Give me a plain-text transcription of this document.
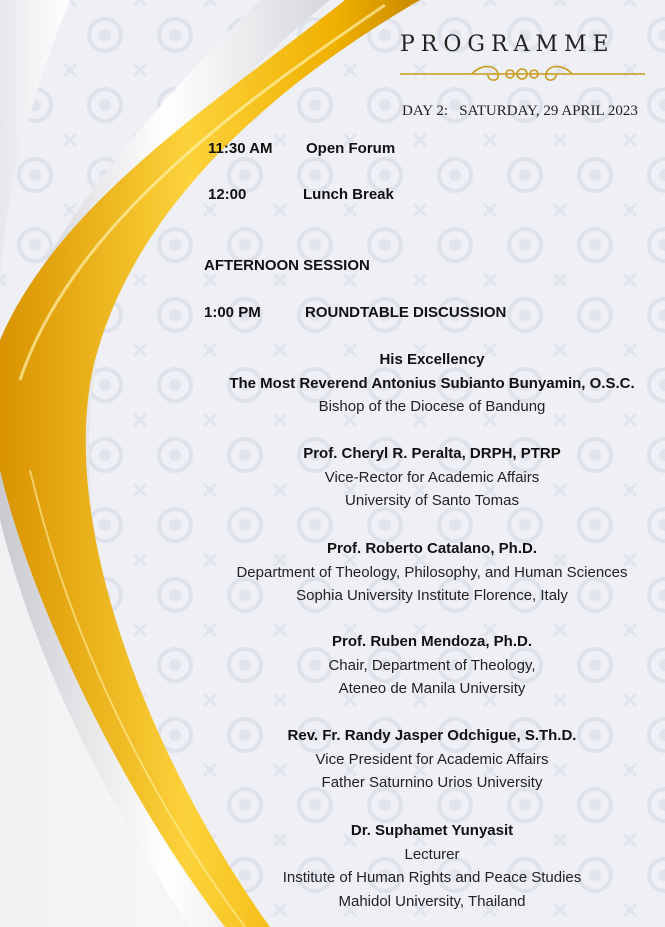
PROGRAMME
DAY 2:   SATURDAY, 29 APRIL 2023
11:30 AM Open Forum
12:00	Lunch Break
AFTERNOON SESSION
1:00 PM	ROUNDTABLE DISCUSSION
His Excellency
The Most Reverend Antonius Subianto Bunyamin, O.S.C.
Bishop of the Diocese of Bandung
Prof. Cheryl R. Peralta, DRPH, PTRP
Vice-Rector for Academic Affairs
University of Santo Tomas
Prof. Roberto Catalano, Ph.D.
Department of Theology, Philosophy, and Human Sciences
Sophia University Institute Florence, Italy
Prof. Ruben Mendoza, Ph.D.
Chair, Department of Theology,
Ateneo de Manila University
Rev. Fr. Randy Jasper Odchigue, S.Th.D.
Vice President for Academic Affairs
Father Saturnino Urios University
Dr. Suphamet Yunyasit
Lecturer
Institute of Human Rights and Peace Studies
Mahidol University, Thailand
